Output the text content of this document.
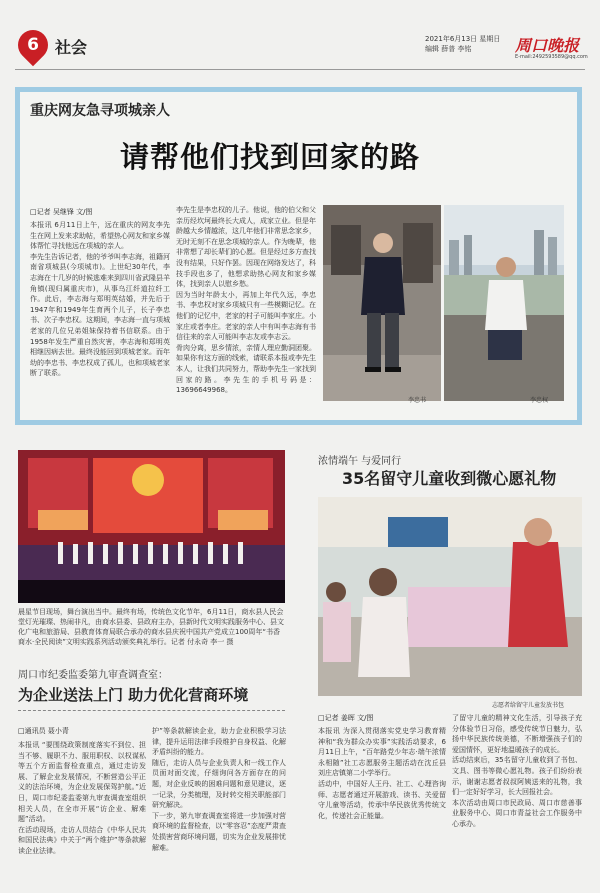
6	社会	2021年6月13日 星期日
编辑 薛普 李铭	周口晚报
E-mail:2492593589@qq.com
重庆网友急寻项城亲人
请帮他们找到回家的路
□记者 吴继锋 文/图
本报讯 6月11日上午，远在重庆的网友李先生在网上发来求助帖，希望热心网友和家乡媒体帮忙寻找他远在项城的亲人。
李先生告诉记者，他的爷爷叫李志海，祖籍河南省项城县(今项城市)。上世纪30年代，李志海在十几岁的时候逃难来到四川省武隆县羊角镇(现归属重庆市)，从事乌江纤道拉纤工作。此后，李志海与郑明英结婚，并先后于1947年和1949年生育两个儿子，长子李忠书、次子李忠权。这期间，李志海一直与项城老家的几位兄弟姐妹保持着书信联系。由于1958年发生严重自然灾害，李志海和郑明英相继因病去世。最终没能回到项城老家。而年幼的李忠书、李忠权成了孤儿，也和项城老家断了联系。
李先生是李忠权的儿子。他说，他的伯父和父亲历经坎坷最终长大成人，成家立业。但是年龄越大乡情越浓，这几年他们非常思念家乡，无时无刻不在思念项城的亲人。作为晚辈，他非常想了却长辈们的心愿。但是经过多方查找没有结果，只好作罢。因现在网络发达了，科技手段也多了，他想求助热心网友和家乡媒体，找到亲人以慰乡愁。
因为当时年龄太小，再加上年代久远，李忠书、李忠权对家乡项城只有一些模糊记忆。在他们的记忆中，老家的村子可能叫李家庄。小家庄或者李庄。老家的亲人中有叫李志海有书信往来的亲人可能叫李志友或李志云。
骨肉分离，思乡情浓，亲情人理应勤洞团聚。如果你有这方面的线索，请联系本报或李先生本人，让我们共同努力，帮助李先生一家找到回家的路。李先生的手机号码是：13696649968。
李忠书	李忠权
晨星节目现场，舞台演出当中。最终有场，传统色文化节年，6月11日，商水县人民会堂灯光璀璨、热闹非凡，由商水县委、县政府主办，县新时代文明实践服务中心、县文化广电和旅游局、县教育体育局联合承办的商水县庆祝中国共产党成立100周年“书香商水·全民阅读”文明实践系列活动颁奖典礼举行。记者 付永奇 李一 摄
浓情端午 与爱同行
35名留守儿童收到微心愿礼物
志愿者给留守儿童发放书包
□记者 姜晖 文/图
本报讯 为深入贯彻落实党史学习教育精神和“我为群众办实事”实践活动要求，6月11日上午，“百年路党少年志·端午浓情永相随”社工志愿服务主题活动在沈丘县刘庄店镇第二小学举行。
活动中，中国好人王丹、社工、心理咨询师、志愿者通过开展游戏、读书、关爱留守儿童等活动，传承中华民族优秀传统文化，传递社会正能量。
了留守儿童的精神文化生活，引导孩子充分体验节日习俗，感受传统节日魅力，弘扬中华民族传统美德，不断增强孩子们的爱国情怀，更好地温暖孩子的成长。
活动结束后，35名留守儿童收到了书包、文具、图书等微心愿礼物。孩子们纷纷表示，谢谢志愿者叔叔阿姨送来的礼物，我们一定好好学习，长大回报社会。
本次活动由周口市民政局、周口市慈善事业服务中心、周口市青益社会工作服务中心承办。
周口市纪委监委第九审查调查室：
为企业送法上门 助力优化营商环境
□通讯员 聂小青
本报讯 “要围绕政策制度落实不到位、担当不够、履职不力、服用职权、以权谋私等五个方面监督检查重点，通过走访发展、了解企业发展情况，不断营造公平正义的法治环境，为企业发展保驾护航。”近日，周口市纪委监委第九审查调查室组织相关人员，在全市开展“访企业、解难题”活动。
在活动现场，走访人员结合《中华人民共和国民法典》中关于“两个维护”等条款解读企业法律。
护”等条款解读企业，助力企业积极学习法律，提升运用法律手段维护自身权益、化解矛盾纠纷的能力。
随后，走访人员与企业负责人和一线工作人员面对面交流，仔细询问各方面存在的问题，对企业反映的困难问题和意见建议，逐一记录，分类梳理，及时转交相关职能部门研究解决。
下一步，第九审查调查室将进一步加强对营商环境的监督检查，以“零容忍”态度严肃查处损害营商环境问题，切实为企业发展排忧解难。
